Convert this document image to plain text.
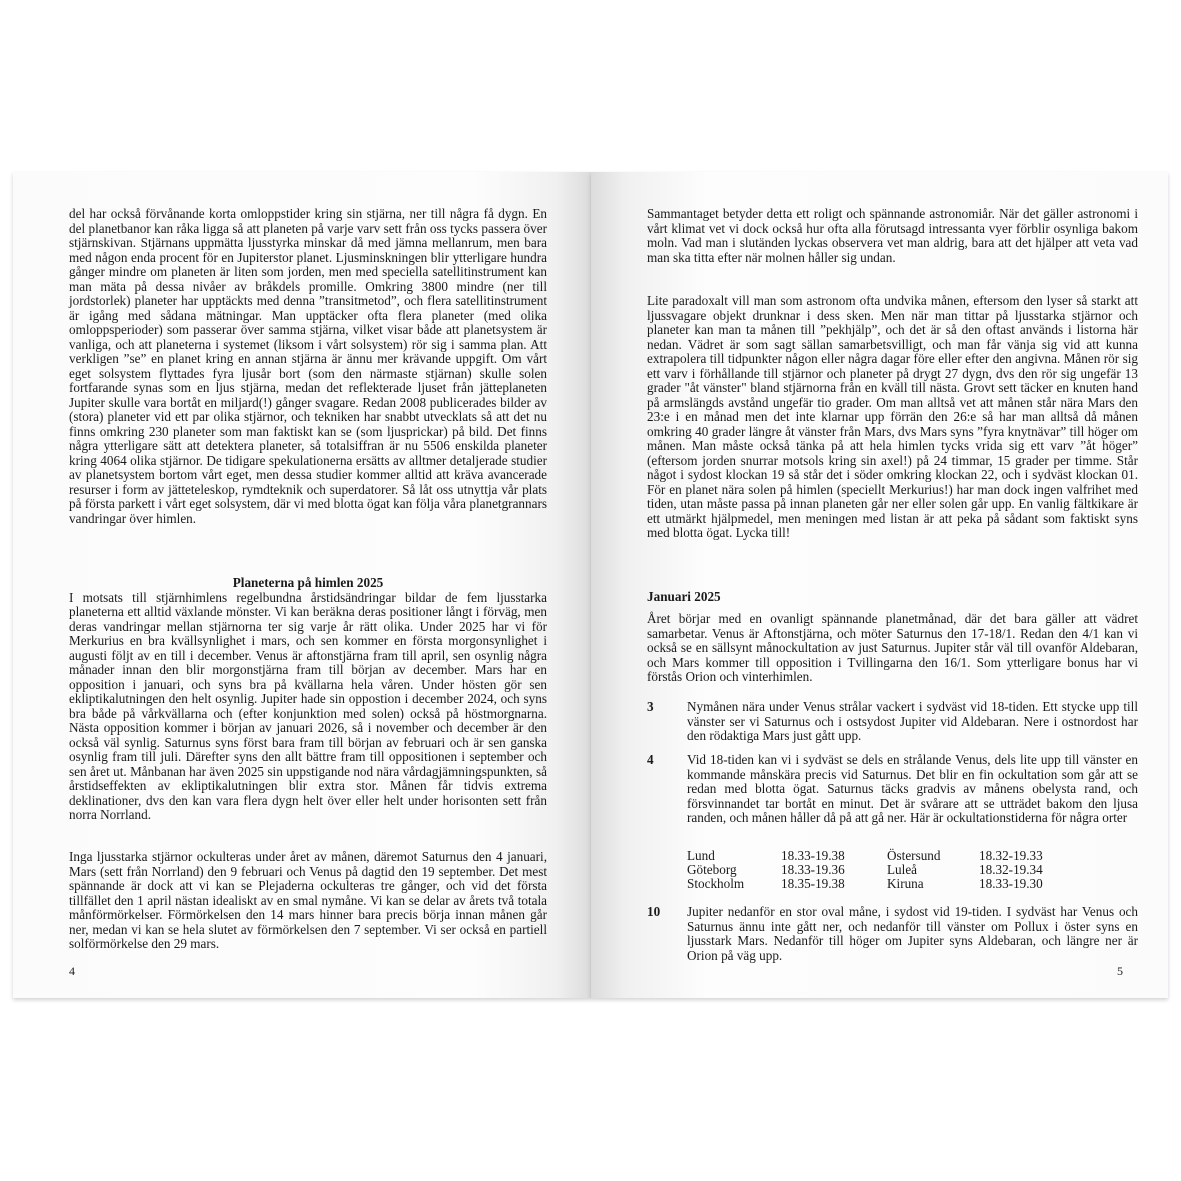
del har också förvånande korta omloppstider kring sin stjärna, ner till några få dygn. En del planetbanor kan råka ligga så att planeten på varje varv sett från oss tycks passera över stjärnskivan. Stjärnans uppmätta ljusstyrka minskar då med jämna mellanrum, men bara med någon enda procent för en Jupiterstor planet. Ljusminskningen blir ytterligare hundra gånger mindre om planeten är liten som jorden, men med speciella satellitinstrument kan man mäta på dessa nivåer av bråkdels promille. Omkring 3800 mindre (ner till jordstorlek) planeter har upptäckts med denna ”transitmetod”, och flera satellitinstrument är igång med sådana mätningar. Man upptäcker ofta flera planeter (med olika omloppsperioder) som passerar över samma stjärna, vilket visar både att planetsystem är vanliga, och att planeterna i systemet (liksom i vårt solsystem) rör sig i samma plan. Att verkligen ”se” en planet kring en annan stjärna är ännu mer krävande uppgift. Om vårt eget solsystem flyttades fyra ljusår bort (som den närmaste stjärnan) skulle solen fortfarande synas som en ljus stjärna, medan det reflekterade ljuset från jätteplaneten Jupiter skulle vara bortåt en miljard(!) gånger svagare. Redan 2008 publicerades bilder av (stora) planeter vid ett par olika stjärnor, och tekniken har snabbt utvecklats så att det nu finns omkring 230 planeter som man faktiskt kan se (som ljusprickar) på bild. Det finns några ytterligare sätt att detektera planeter, så totalsiffran är nu 5506 enskilda planeter kring 4064 olika stjärnor. De tidigare spekulationerna ersätts av alltmer detaljerade studier av planetsystem bortom vårt eget, men dessa studier kommer alltid att kräva avancerade resurser i form av jätteteleskop, rymdteknik och superdatorer. Så låt oss utnyttja vår plats på första parkett i vårt eget solsystem, där vi med blotta ögat kan följa våra planetgrannars vandringar över himlen.

Planeterna på himlen 2025

I motsats till stjärnhimlens regelbundna årstidsändringar bildar de fem ljusstarka planeterna ett alltid växlande mönster. Vi kan beräkna deras positioner långt i förväg, men deras vandringar mellan stjärnorna ter sig varje år rätt olika. Under 2025 har vi för Merkurius en bra kvällsynlighet i mars, och sen kommer en första morgonsynlighet i augusti följt av en till i december. Venus är aftonstjärna fram till april, sen osynlig några månader innan den blir morgonstjärna fram till början av december. Mars har en opposition i januari, och syns bra på kvällarna hela våren. Under hösten gör sen ekliptikalutningen den helt osynlig. Jupiter hade sin oppostion i december 2024, och syns bra både på vårkvällarna och (efter konjunktion med solen) också på höstmorgnarna. Nästa opposition kommer i början av januari 2026, så i november och december är den också väl synlig. Saturnus syns först bara fram till början av februari och är sen ganska osynlig fram till juli. Därefter syns den allt bättre fram till oppositionen i september och sen året ut. Månbanan har även 2025 sin uppstigande nod nära vårdagjämningspunkten, så årstidseffekten av ekliptikalutningen blir extra stor. Månen får tidvis extrema deklinationer, dvs den kan vara flera dygn helt över eller helt under horisonten sett från norra Norrland.

Inga ljusstarka stjärnor ockulteras under året av månen, däremot Saturnus den 4 januari, Mars (sett från Norrland) den 9 februari och Venus på dagtid den 19 september. Det mest spännande är dock att vi kan se Plejaderna ockulteras tre gånger, och vid det första tillfället den 1 april nästan idealiskt av en smal nymåne. Vi kan se delar av årets två totala månförmörkelser. Förmörkelsen den 14 mars hinner bara precis börja innan månen går ner, medan vi kan se hela slutet av förmörkelsen den 7 september. Vi ser också en partiell solförmörkelse den 29 mars.

4

Sammantaget betyder detta ett roligt och spännande astronomiår. När det gäller astronomi i vårt klimat vet vi dock också hur ofta alla förutsagd intressanta vyer förblir osynliga bakom moln. Vad man i slutänden lyckas observera vet man aldrig, bara att det hjälper att veta vad man ska titta efter när molnen håller sig undan.

Lite paradoxalt vill man som astronom ofta undvika månen, eftersom den lyser så starkt att ljussvagare objekt drunknar i dess sken. Men när man tittar på ljusstarka stjärnor och planeter kan man ta månen till ”pekhjälp”, och det är så den oftast används i listorna här nedan. Vädret är som sagt sällan samarbetsvilligt, och man får vänja sig vid att kunna extrapolera till tidpunkter någon eller några dagar före eller efter den angivna. Månen rör sig ett varv i förhållande till stjärnor och planeter på drygt 27 dygn, dvs den rör sig ungefär 13 grader "åt vänster" bland stjärnorna från en kväll till nästa. Grovt sett täcker en knuten hand på armslängds avstånd ungefär tio grader. Om man alltså vet att månen står nära Mars den 23:e i en månad men det inte klarnar upp förrän den 26:e så har man alltså då månen omkring 40 grader längre åt vänster från Mars, dvs Mars syns ”fyra knytnävar” till höger om månen. Man måste också tänka på att hela himlen tycks vrida sig ett varv ”åt höger” (eftersom jorden snurrar motsols kring sin axel!) på 24 timmar, 15 grader per timme. Står något i sydost klockan 19 så står det i söder omkring klockan 22, och i sydväst klockan 01. För en planet nära solen på himlen (speciellt Merkurius!) har man dock ingen valfrihet med tiden, utan måste passa på innan planeten går ner eller solen går upp. En vanlig fältkikare är ett utmärkt hjälpmedel, men meningen med listan är att peka på sådant som faktiskt syns med blotta ögat. Lycka till!

Januari 2025

Året börjar med en ovanligt spännande planetmånad, där det bara gäller att vädret samarbetar. Venus är Aftonstjärna, och möter Saturnus den 17-18/1. Redan den 4/1 kan vi också se en sällsynt månockultation av just Saturnus. Jupiter står väl till ovanför Aldebaran, och Mars kommer till opposition i Tvillingarna den 16/1. Som ytterligare bonus har vi förstås Orion och vinterhimlen.

3	Nymånen nära under Venus strålar vackert i sydväst vid 18-tiden. Ett stycke upp till vänster ser vi Saturnus och i ostsydost Jupiter vid Aldebaran. Nere i ostnordost har den rödaktiga Mars just gått upp.
4	Vid 18-tiden kan vi i sydväst se dels en strålande Venus, dels lite upp till vänster en kommande månskära precis vid Saturnus. Det blir en fin ockultation som går att se redan med blotta ögat. Saturnus täcks gradvis av månens obelysta rand, och försvinnandet tar bortåt en minut. Det är svårare att se utträdet bakom den ljusa randen, och månen håller då på att gå ner. Här är ockultationstiderna för några orter
Lund	18.33-19.38	Östersund	18.32-19.33
Göteborg	18.33-19.36	Luleå	18.32-19.34
Stockholm	18.35-19.38	Kiruna	18.33-19.30
10	Jupiter nedanför en stor oval måne, i sydost vid 19-tiden. I sydväst har Venus och Saturnus ännu inte gått ner, och nedanför till vänster om Pollux i öster syns en ljusstark Mars. Nedanför till höger om Jupiter syns Aldebaran, och längre ner är Orion på väg upp.
5
